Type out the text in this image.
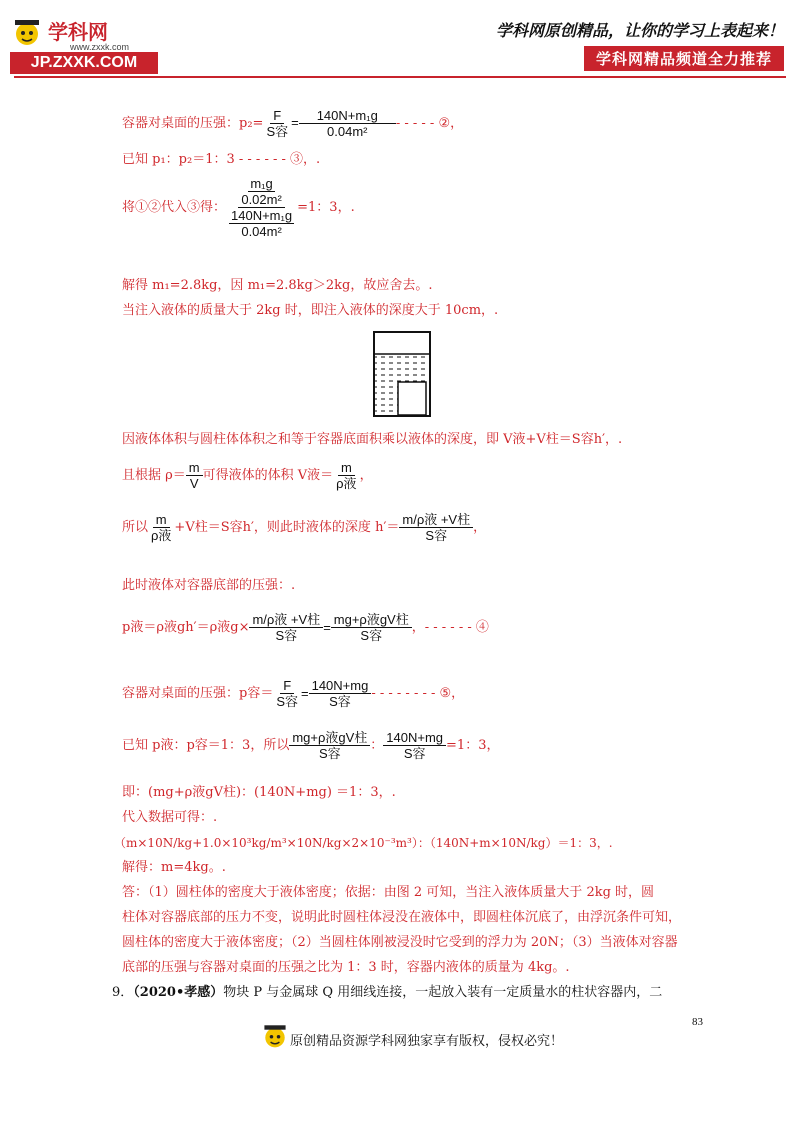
学科网
www.zxxk.com
JP.ZXXK.COM
学科网原创精品，让你的学习上表起来！
学科网精品频道全力推荐
容器对桌面的压强：p₂=
F
S容
= $\frac{\text{140N+m₁g}}{\text{0.04m²}}$ - - - - - ②，
已知 p₁：p₂＝1：3 - - - - - - ③，.
将①②代入③得： m₁g
0.02m²
140N+m₁g
0.04m² =1：3，.
解得 m₁=2.8kg，因 m₁=2.8kg＞2kg，故应舍去。.
当注入液体的质量大于 2kg 时，即注入液体的深度大于 10cm，.
因液体体积与圆柱体体积之和等于容器底面积乘以液体的深度，即 V液+V柱＝S容h′，.
且根据 ρ＝ m
V
可得液体的体积 V液＝ m
ρ液
，
所以 m
ρ液
+V柱＝S容h′，则此时液体的深度 h′＝ m/ρ液 +V柱
S容
，
此时液体对容器底部的压强：.
p液＝ρ液gh′＝ρ液g× m/ρ液 +V柱
S容
= mg+ρ液gV柱
S容
，- - - - - - ④
容器对桌面的压强：p容＝ F
S容
= 140N+mg
S容
- - - - - - - - ⑤，
已知 p液：p容＝1：3，所以 mg+ρ液gV柱
S容
： 140N+mg
S容
=1：3，
即：(mg+ρ液gV柱)：(140N+mg) ＝1：3，.
代入数据可得：.
（m×10N/kg+1.0×10³kg/m³×10N/kg×2×10⁻³m³）：（140N+m×10N/kg）＝1：3，.
解得：m=4kg。.
答：（1）圆柱体的密度大于液体密度；依据：由图 2 可知，当注入液体质量大于 2kg 时，圆
柱体对容器底部的压力不变，说明此时圆柱体浸没在液体中，即圆柱体沉底了，由浮沉条件可知，
圆柱体的密度大于液体密度；（2）当圆柱体刚被浸没时它受到的浮力为 20N；（3）当液体对容器
底部的压强与容器对桌面的压强之比为 1：3 时，容器内液体的质量为 4kg。.
9．（2020•孝感）物块 P 与金属球 Q 用细线连接，一起放入装有一定质量水的柱状容器内，二
83
原创精品资源学科网独家享有版权，侵权必究！
